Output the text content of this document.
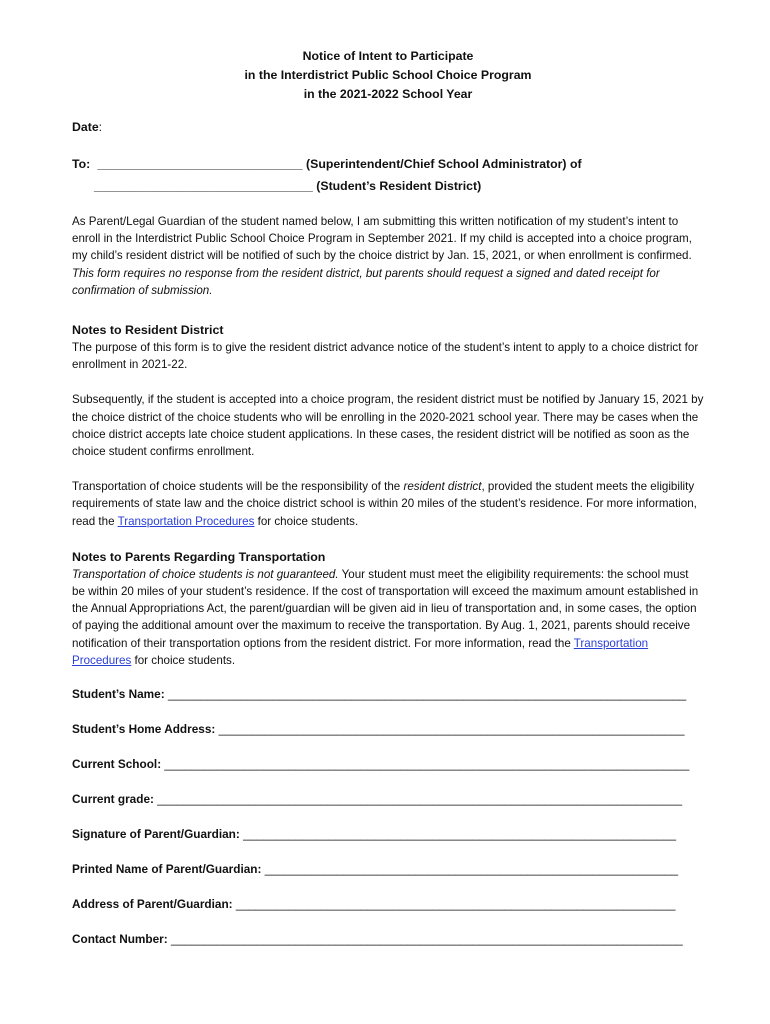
Notice of Intent to Participate
in the Interdistrict Public School Choice Program
in the 2021-2022 School Year
Date:
To: ______________________________ (Superintendent/Chief School Administrator) of
________________________________ (Student’s Resident District)

As Parent/Legal Guardian of the student named below, I am submitting this written notification of my student’s intent to enroll in the Interdistrict Public School Choice Program in September 2021. If my child is accepted into a choice program, my child’s resident district will be notified of such by the choice district by Jan. 15, 2021, or when enrollment is confirmed. This form requires no response from the resident district, but parents should request a signed and dated receipt for confirmation of submission.

Notes to Resident District

The purpose of this form is to give the resident district advance notice of the student’s intent to apply to a choice district for enrollment in 2021-22.

Subsequently, if the student is accepted into a choice program, the resident district must be notified by January 15, 2021 by the choice district of the choice students who will be enrolling in the 2020-2021 school year. There may be cases when the choice district accepts late choice student applications. In these cases, the resident district will be notified as soon as the choice student confirms enrollment.

Transportation of choice students will be the responsibility of the resident district, provided the student meets the eligibility requirements of state law and the choice district school is within 20 miles of the student’s residence. For more information, read the Transportation Procedures for choice students.

Notes to Parents Regarding Transportation

Transportation of choice students is not guaranteed. Your student must meet the eligibility requirements: the school must be within 20 miles of your student’s residence. If the cost of transportation will exceed the maximum amount established in the Annual Appropriations Act, the parent/guardian will be given aid in lieu of transportation and, in some cases, the option of paying the additional amount over the maximum to receive the transportation. By Aug. 1, 2021, parents should receive notification of their transportation options from the resident district. For more information, read the Transportation Procedures for choice students.

Student’s Name: _______________________________________________________________________________
Student’s Home Address: _______________________________________________________________________
Current School: ________________________________________________________________________________
Current grade: ________________________________________________________________________________
Signature of Parent/Guardian: __________________________________________________________________
Printed Name of Parent/Guardian: _______________________________________________________________
Address of Parent/Guardian: ___________________________________________________________________
Contact Number: ______________________________________________________________________________
